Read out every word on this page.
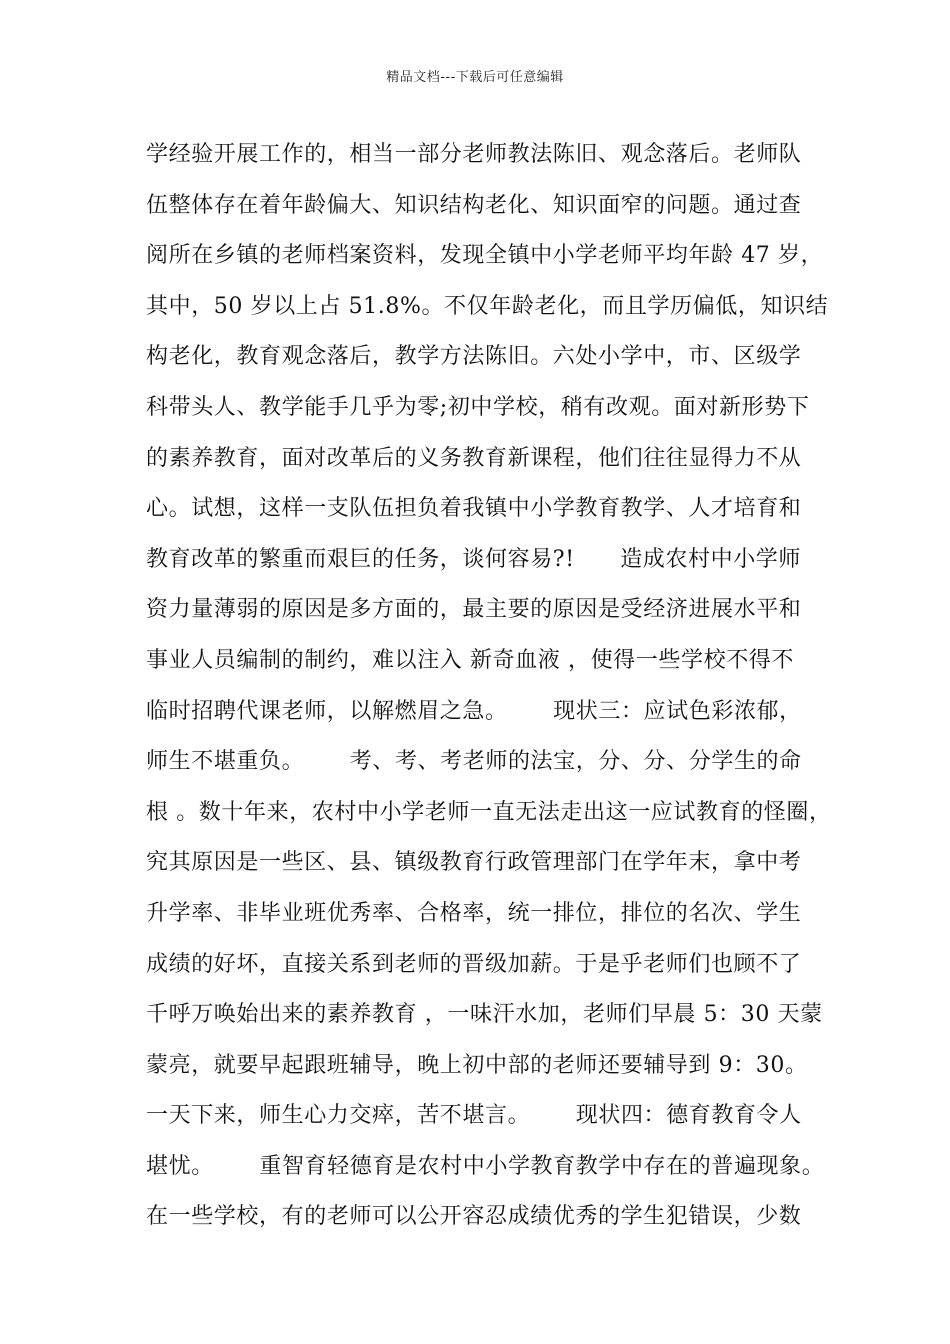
精品文档---下载后可任意编辑
学经验开展工作的，相当一部分老师教法陈旧、观念落后。老师队
伍整体存在着年龄偏大、知识结构老化、知识面窄的问题。通过查
阅所在乡镇的老师档案资料，发现全镇中小学老师平均年龄 47 岁，
其中，50 岁以上占 51.8%。不仅年龄老化，而且学历偏低，知识结
构老化，教育观念落后，教学方法陈旧。六处小学中，市、区级学
科带头人、教学能手几乎为零;初中学校，稍有改观。面对新形势下
的素养教育，面对改革后的义务教育新课程，他们往往显得力不从
心。试想，这样一支队伍担负着我镇中小学教育教学、人才培育和
教育改革的繁重而艰巨的任务，谈何容易?!      造成农村中小学师
资力量薄弱的原因是多方面的，最主要的原因是受经济进展水平和
事业人员编制的制约，难以注入 新奇血液 ，使得一些学校不得不
临时招聘代课老师，以解燃眉之急。      现状三：应试色彩浓郁，
师生不堪重负。      考、考、考老师的法宝，分、分、分学生的命
根 。数十年来，农村中小学老师一直无法走出这一应试教育的怪圈，
究其原因是一些区、县、镇级教育行政管理部门在学年末，拿中考
升学率、非毕业班优秀率、合格率，统一排位，排位的名次、学生
成绩的好坏，直接关系到老师的晋级加薪。于是乎老师们也顾不了
千呼万唤始出来的素养教育 ，一味汗水加，老师们早晨 5：30 天蒙
蒙亮，就要早起跟班辅导，晚上初中部的老师还要辅导到 9：30。
一天下来，师生心力交瘁，苦不堪言。      现状四：德育教育令人
堪忧。      重智育轻德育是农村中小学教育教学中存在的普遍现象。
在一些学校，有的老师可以公开容忍成绩优秀的学生犯错误，少数
